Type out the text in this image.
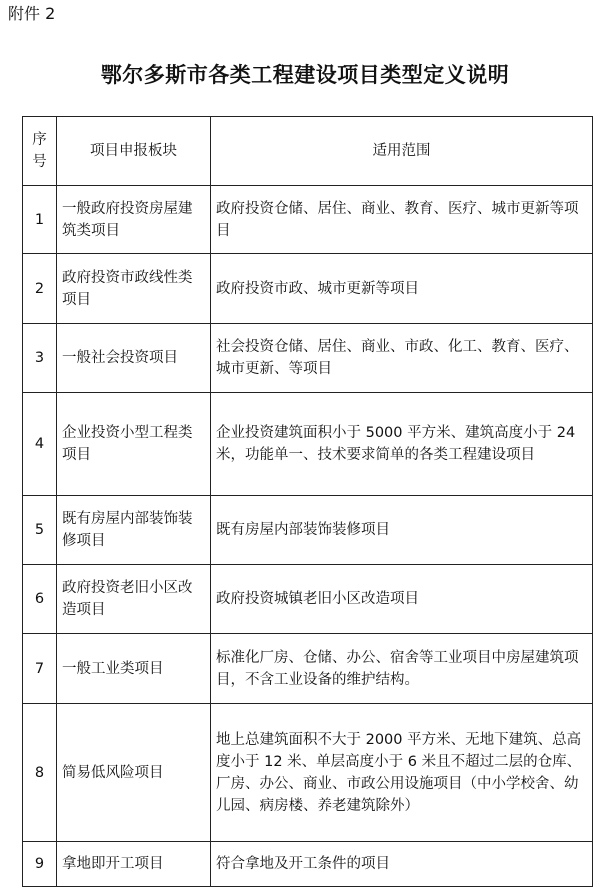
附件 2
鄂尔多斯市各类工程建设项目类型定义说明
序号	项目申报板块	适用范围
1	一般政府投资房屋建筑类项目	政府投资仓储、居住、商业、教育、医疗、城市更新等项目
2	政府投资市政线性类项目	政府投资市政、城市更新等项目
3	一般社会投资项目	社会投资仓储、居住、商业、市政、化工、教育、医疗、城市更新、等项目
4	企业投资小型工程类项目	企业投资建筑面积小于 5000 平方米、建筑高度小于 24米，功能单一、技术要求简单的各类工程建设项目
5	既有房屋内部装饰装修项目	既有房屋内部装饰装修项目
6	政府投资老旧小区改造项目	政府投资城镇老旧小区改造项目
7	一般工业类项目	标准化厂房、仓储、办公、宿舍等工业项目中房屋建筑项目，不含工业设备的维护结构。
8	简易低风险项目	地上总建筑面积不大于 2000 平方米、无地下建筑、总高度小于 12 米、单层高度小于 6 米且不超过二层的仓库、厂房、办公、商业、市政公用设施项目（中小学校舍、幼儿园、病房楼、养老建筑除外）
9	拿地即开工项目	符合拿地及开工条件的项目
